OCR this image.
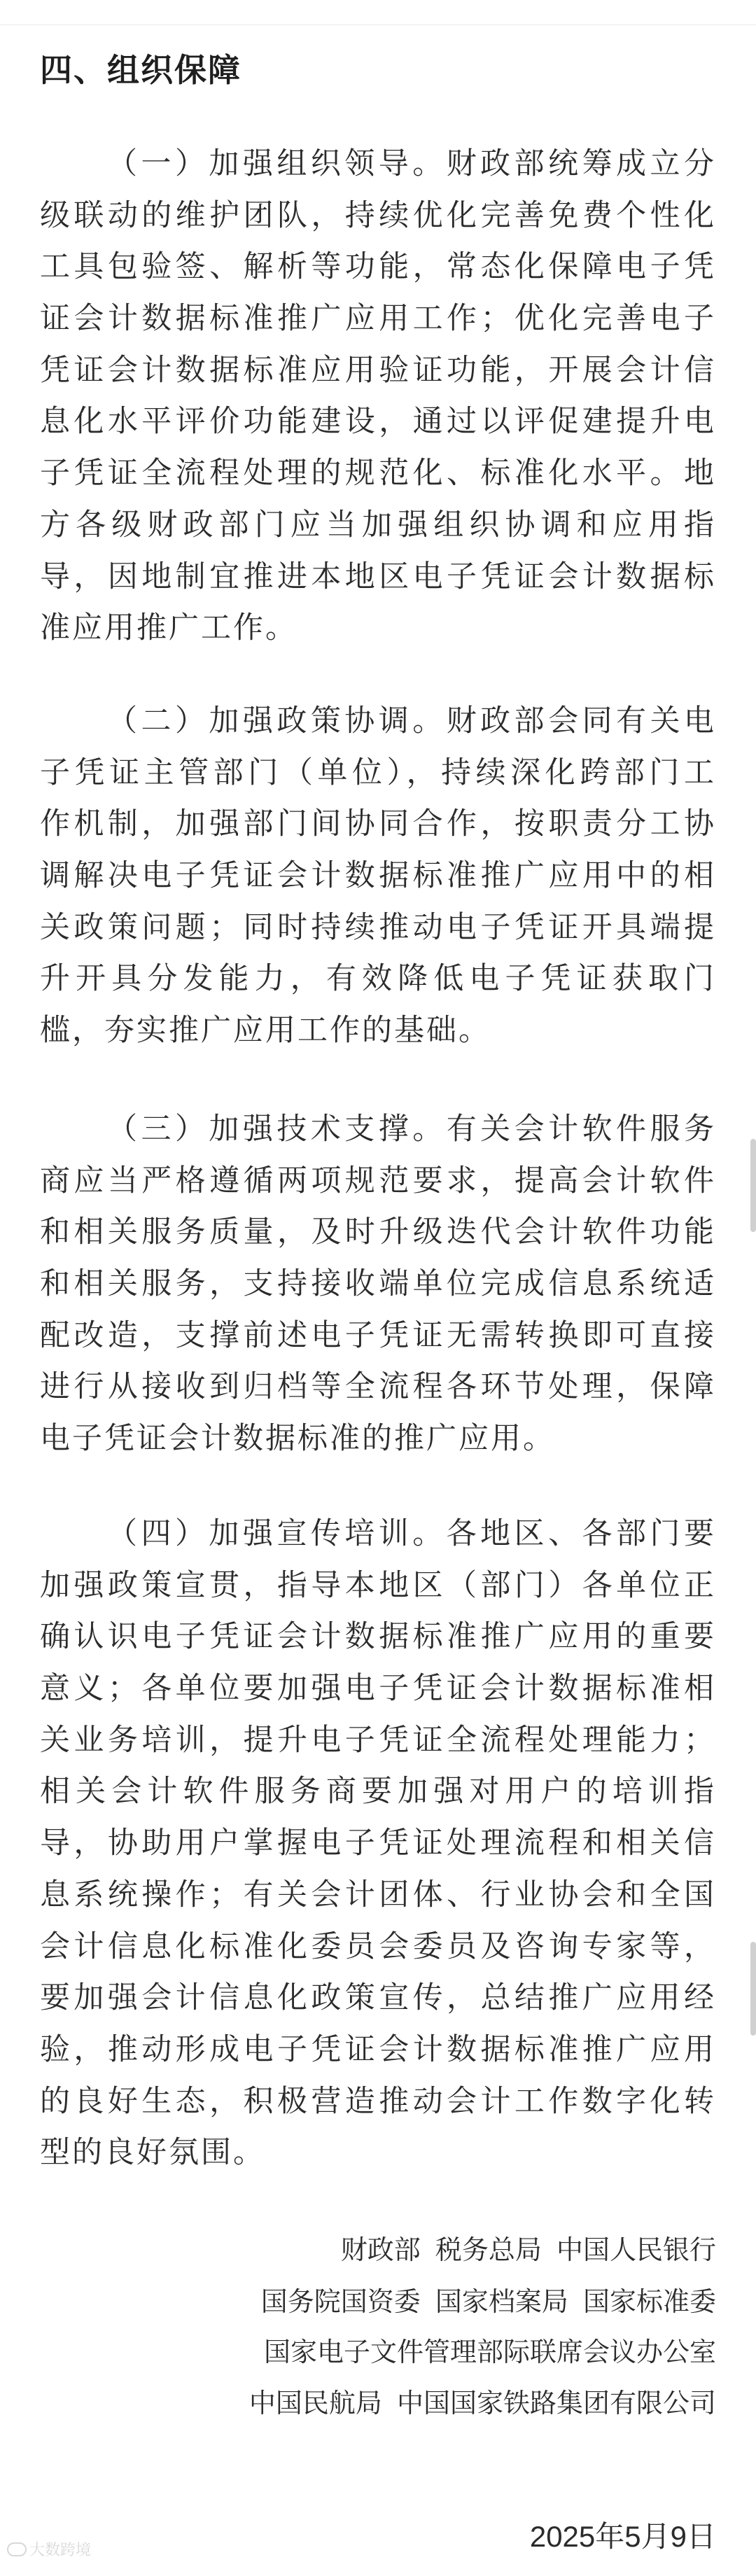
四、组织保障
（一）加强组织领导。财政部统筹成立分
级联动的维护团队，持续优化完善免费个性化
工具包验签、解析等功能，常态化保障电子凭
证会计数据标准推广应用工作；优化完善电子
凭证会计数据标准应用验证功能，开展会计信
息化水平评价功能建设，通过以评促建提升电
子凭证全流程处理的规范化、标准化水平。地
方各级财政部门应当加强组织协调和应用指
导，因地制宜推进本地区电子凭证会计数据标
准应用推广工作。
（二）加强政策协调。财政部会同有关电
子凭证主管部门（单位），持续深化跨部门工
作机制，加强部门间协同合作，按职责分工协
调解决电子凭证会计数据标准推广应用中的相
关政策问题；同时持续推动电子凭证开具端提
升开具分发能力，有效降低电子凭证获取门
槛，夯实推广应用工作的基础。
（三）加强技术支撑。有关会计软件服务
商应当严格遵循两项规范要求，提高会计软件
和相关服务质量，及时升级迭代会计软件功能
和相关服务，支持接收端单位完成信息系统适
配改造，支撑前述电子凭证无需转换即可直接
进行从接收到归档等全流程各环节处理，保障
电子凭证会计数据标准的推广应用。
（四）加强宣传培训。各地区、各部门要
加强政策宣贯，指导本地区（部门）各单位正
确认识电子凭证会计数据标准推广应用的重要
意义；各单位要加强电子凭证会计数据标准相
关业务培训，提升电子凭证全流程处理能力；
相关会计软件服务商要加强对用户的培训指
导，协助用户掌握电子凭证处理流程和相关信
息系统操作；有关会计团体、行业协会和全国
会计信息化标准化委员会委员及咨询专家等，
要加强会计信息化政策宣传，总结推广应用经
验，推动形成电子凭证会计数据标准推广应用
的良好生态，积极营造推动会计工作数字化转
型的良好氛围。
财政部  税务总局  中国人民银行
国务院国资委  国家档案局  国家标准委
国家电子文件管理部际联席会议办公室
中国民航局  中国国家铁路集团有限公司
2025年5月9日
大数跨境
